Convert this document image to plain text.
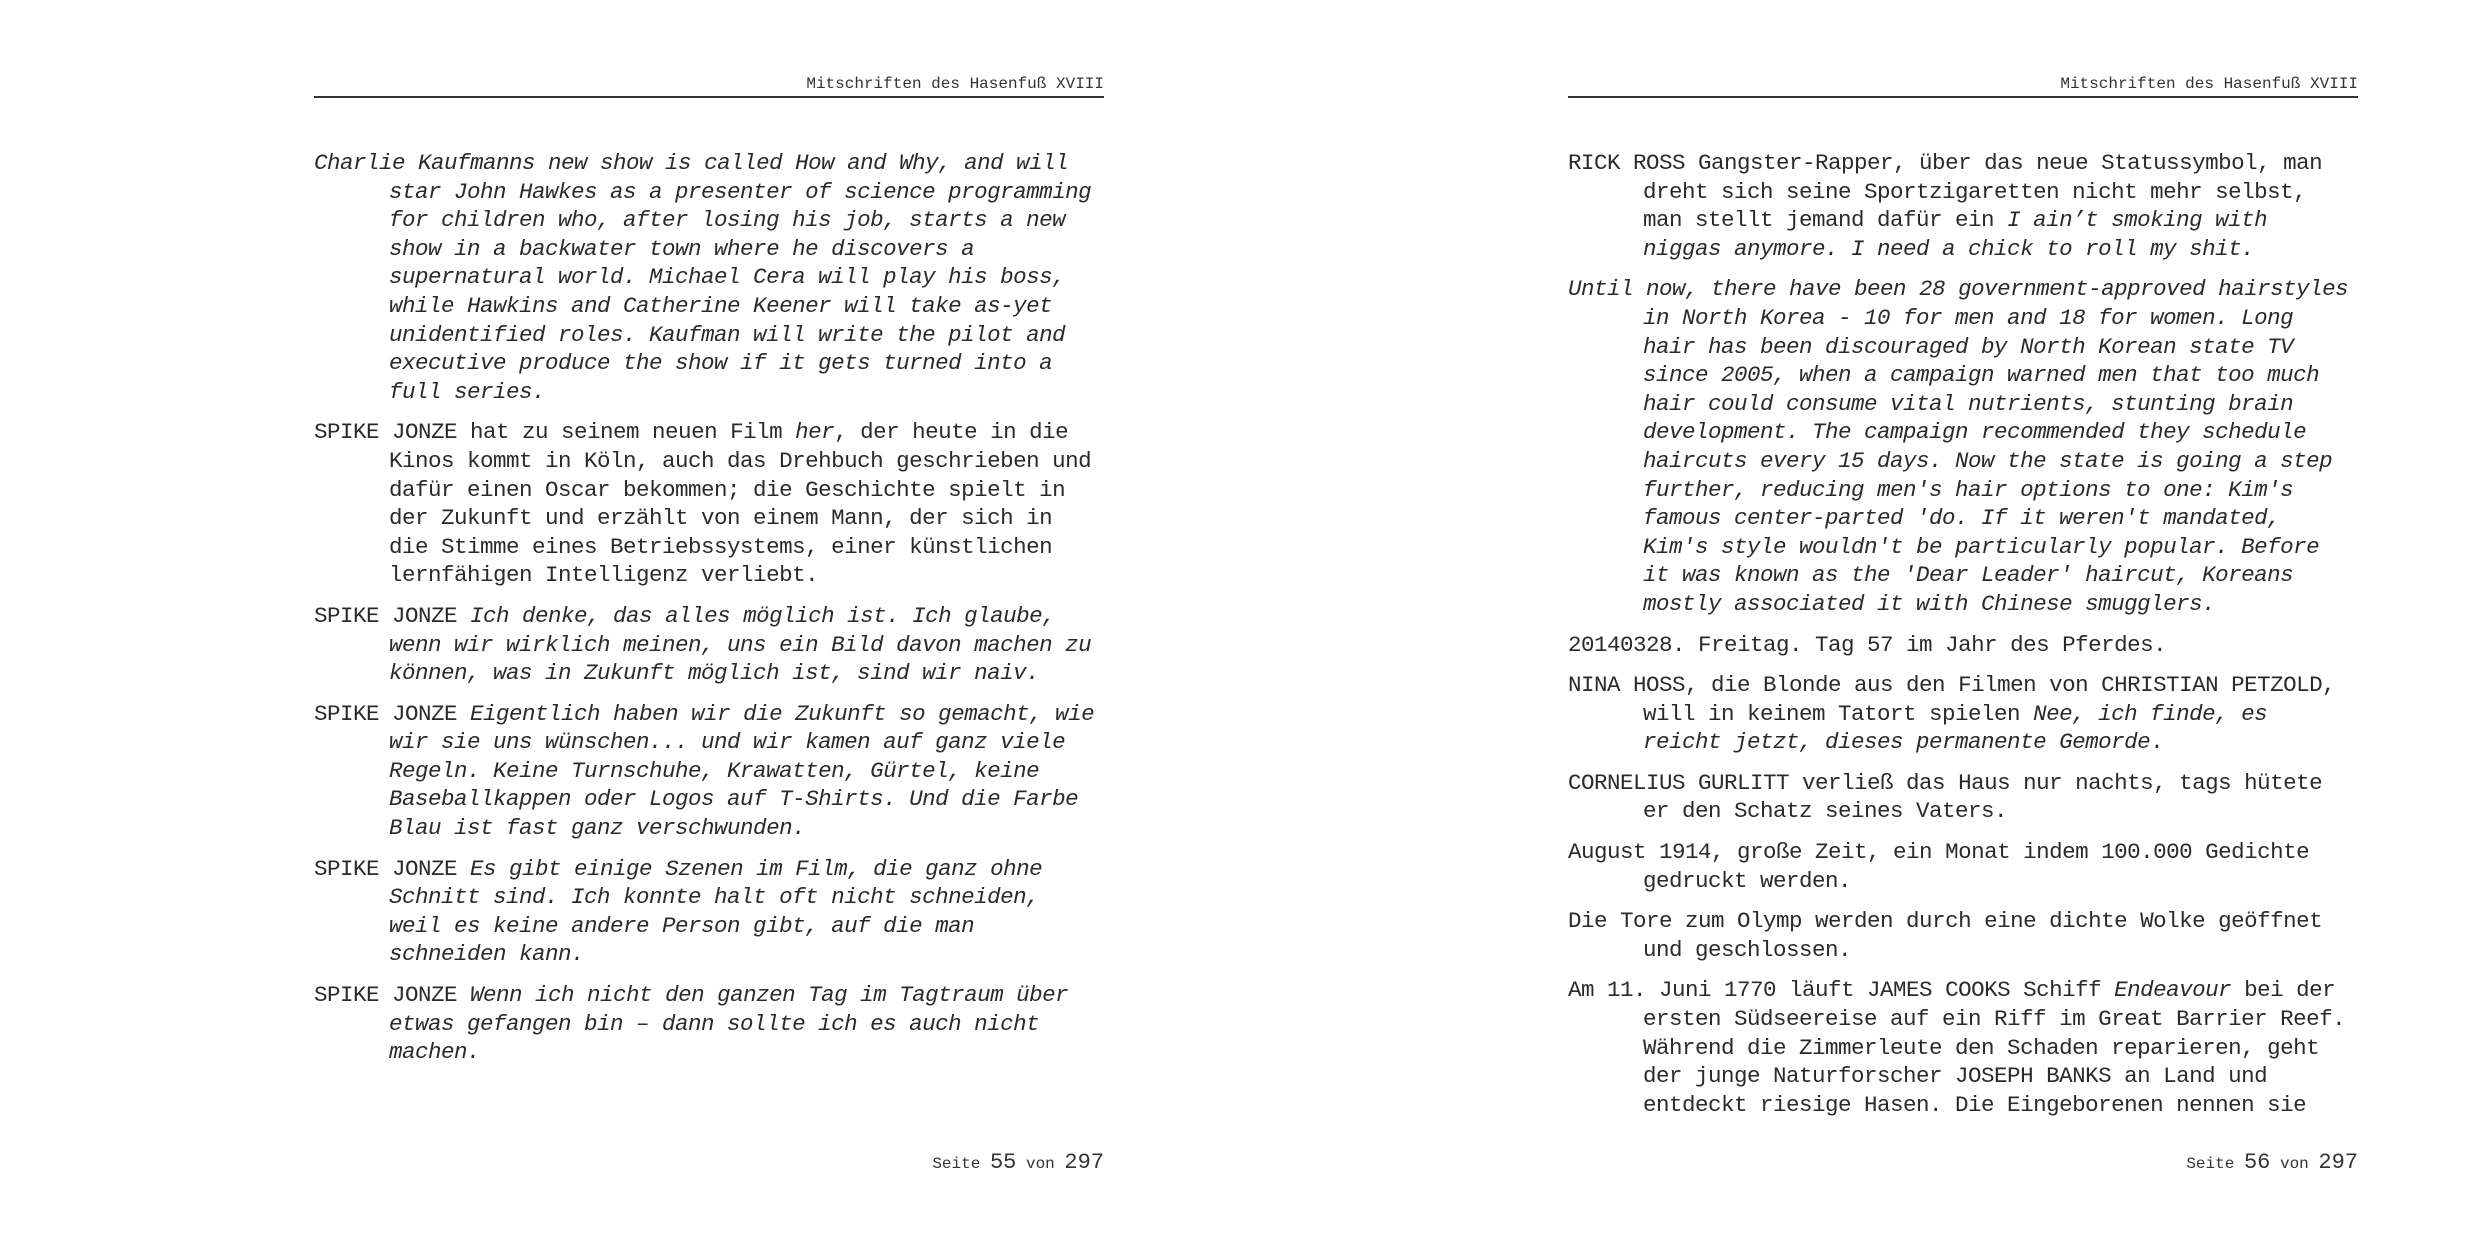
Mitschriften des Hasenfuß XVIII

Charlie Kaufmanns new show is called How and Why, and will star John Hawkes as a presenter of science programming for children who, after losing his job, starts a new show in a backwater town where he discovers a supernatural world. Michael Cera will play his boss, while Hawkins and Catherine Keener will take as-yet unidentified roles. Kaufman will write the pilot and executive produce the show if it gets turned into a full series.

SPIKE JONZE hat zu seinem neuen Film her, der heute in die Kinos kommt in Köln, auch das Drehbuch geschrieben und dafür einen Oscar bekommen; die Geschichte spielt in der Zukunft und erzählt von einem Mann, der sich in die Stimme eines Betriebssystems, einer künstlichen lernfähigen Intelligenz verliebt.

SPIKE JONZE Ich denke, das alles möglich ist. Ich glaube, wenn wir wirklich meinen, uns ein Bild davon machen zu können, was in Zukunft möglich ist, sind wir naiv.

SPIKE JONZE Eigentlich haben wir die Zukunft so gemacht, wie wir sie uns wünschen... und wir kamen auf ganz viele Regeln. Keine Turnschuhe, Krawatten, Gürtel, keine Baseballkappen oder Logos auf T-Shirts. Und die Farbe Blau ist fast ganz verschwunden.

SPIKE JONZE Es gibt einige Szenen im Film, die ganz ohne Schnitt sind. Ich konnte halt oft nicht schneiden, weil es keine andere Person gibt, auf die man schneiden kann.

SPIKE JONZE Wenn ich nicht den ganzen Tag im Tagtraum über etwas gefangen bin – dann sollte ich es auch nicht machen.

Seite 55 von 297
Mitschriften des Hasenfuß XVIII

RICK ROSS Gangster-Rapper, über das neue Statussymbol, man dreht sich seine Sportzigaretten nicht mehr selbst, man stellt jemand dafür ein I ain’t smoking with niggas anymore. I need a chick to roll my shit.

Until now, there have been 28 government-approved hairstyles in North Korea - 10 for men and 18 for women. Long hair has been discouraged by North Korean state TV since 2005, when a campaign warned men that too much hair could consume vital nutrients, stunting brain development. The campaign recommended they schedule haircuts every 15 days. Now the state is going a step further, reducing men's hair options to one: Kim's famous center-parted 'do. If it weren't mandated, Kim's style wouldn't be particularly popular. Before it was known as the 'Dear Leader' haircut, Koreans mostly associated it with Chinese smugglers.

20140328. Freitag. Tag 57 im Jahr des Pferdes.

NINA HOSS, die Blonde aus den Filmen von CHRISTIAN PETZOLD, will in keinem Tatort spielen Nee, ich finde, es reicht jetzt, dieses permanente Gemorde.

CORNELIUS GURLITT verließ das Haus nur nachts, tags hütete er den Schatz seines Vaters.

August 1914, große Zeit, ein Monat indem 100.000 Gedichte gedruckt werden.

Die Tore zum Olymp werden durch eine dichte Wolke geöffnet und geschlossen.

Am 11. Juni 1770 läuft JAMES COOKS Schiff Endeavour bei der ersten Südseereise auf ein Riff im Great Barrier Reef. Während die Zimmerleute den Schaden reparieren, geht der junge Naturforscher JOSEPH BANKS an Land und entdeckt riesige Hasen. Die Eingeborenen nennen sie

Seite 56 von 297
